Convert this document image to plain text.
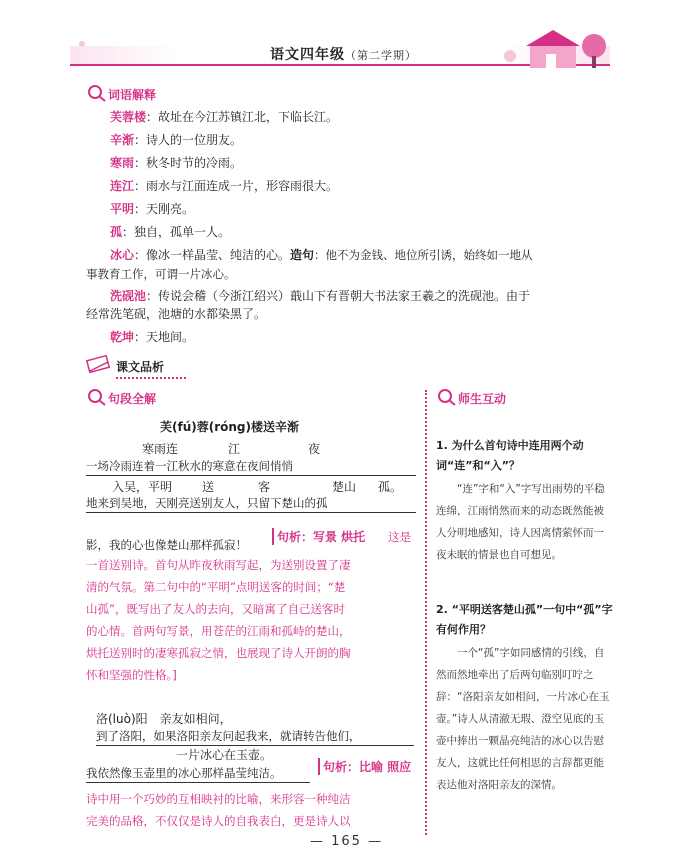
语文四年级（第二学期）
词语解释
芙蓉楼：故址在今江苏镇江北，下临长江。
辛渐：诗人的一位朋友。
寒雨：秋冬时节的冷雨。
连江：雨水与江面连成一片，形容雨很大。
平明：天刚亮。
孤：独自，孤单一人。
冰心：像冰一样晶莹、纯洁的心。造句：他不为金钱、地位所引诱，始终如一地从
事教育工作，可谓一片冰心。
洗砚池：传说会稽（今浙江绍兴）蕺山下有晋朝大书法家王羲之的洗砚池。由于
经常洗笔砚，池塘的水都染黑了。
乾坤：天地间。
课文品析
句段全解
芙(fú)蓉(róng)楼送辛渐
寒雨连	江	夜
一场冷雨连着一江秋水的寒意在夜间悄悄
入吴，平明 送	客	楚山 孤。
地来到吴地，天刚亮送别友人，只留下楚山的孤
影，我的心也像楚山那样孤寂！
句析：写景 烘托 这是
一首送别诗。首句从昨夜秋雨写起，为送别设置了凄
清的气氛。第二句中的“平明”点明送客的时间；“楚
山孤”，既写出了友人的去向，又暗寓了自己送客时
的心情。首两句写景，用苍茫的江雨和孤峙的楚山，
烘托送别时的凄寒孤寂之情，也展现了诗人开朗的胸
怀和坚强的性格。]
洛(luò)阳　亲友如相问，
到了洛阳，如果洛阳亲友问起我来，就请转告他们，
一片冰心在玉壶。
我依然像玉壶里的冰心那样晶莹纯洁。	句析：比喻 照应
诗中用一个巧妙的互相映衬的比喻，来形容一种纯洁
完美的品格，不仅仅是诗人的自我表白，更是诗人以
师生互动
1. 为什么首句诗中连用两个动词“连”和“入”？
“连”字和“入”字写出雨势的平稳连绵，江雨悄然而来的动态既然能被人分明地感知，诗人因离情萦怀而一夜未眠的情景也自可想见。
2. “平明送客楚山孤”一句中“孤”字有何作用？
一个“孤”字如同感情的引线，自然而然地牵出了后两句临别叮咛之辞：“洛阳亲友如相问，一片冰心在玉壶。”诗人从清澈无瑕、澄空见底的玉壶中捧出一颗晶亮纯洁的冰心以告慰友人，这就比任何相思的言辞都更能表达他对洛阳亲友的深情。
— 165 —
